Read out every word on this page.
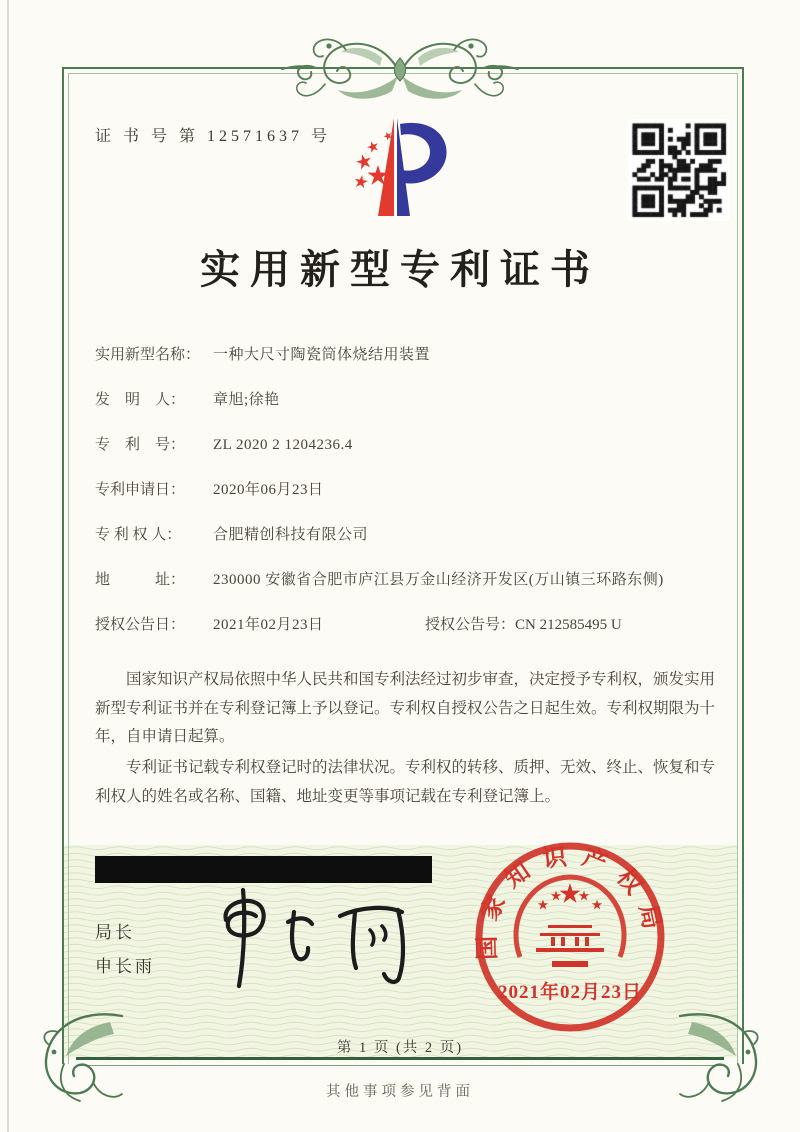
证 书 号 第 12571637 号
实用新型专利证书
实用新型名称： 一种大尺寸陶瓷筒体烧结用装置
发　明　人：	章旭;徐艳
专　利　号：	ZL 2020 2 1204236.4
专利申请日：	2020年06月23日
专 利 权 人：	合肥精创科技有限公司
地　　　址：	230000 安徽省合肥市庐江县万金山经济开发区(万山镇三环路东侧)
授权公告日：	2021年02月23日	授权公告号：CN 212585495 U

国家知识产权局依照中华人民共和国专利法经过初步审查，决定授予专利权，颁发实用新型专利证书并在专利登记簿上予以登记。专利权自授权公告之日起生效。专利权期限为十年，自申请日起算。

专利证书记载专利权登记时的法律状况。专利权的转移、质押、无效、终止、恢复和专利权人的姓名或名称、国籍、地址变更等事项记载在专利登记簿上。

局长
申长雨
国家知识产权局
2021年02月23日
第 1 页 (共 2 页)
其他事项参见背面
